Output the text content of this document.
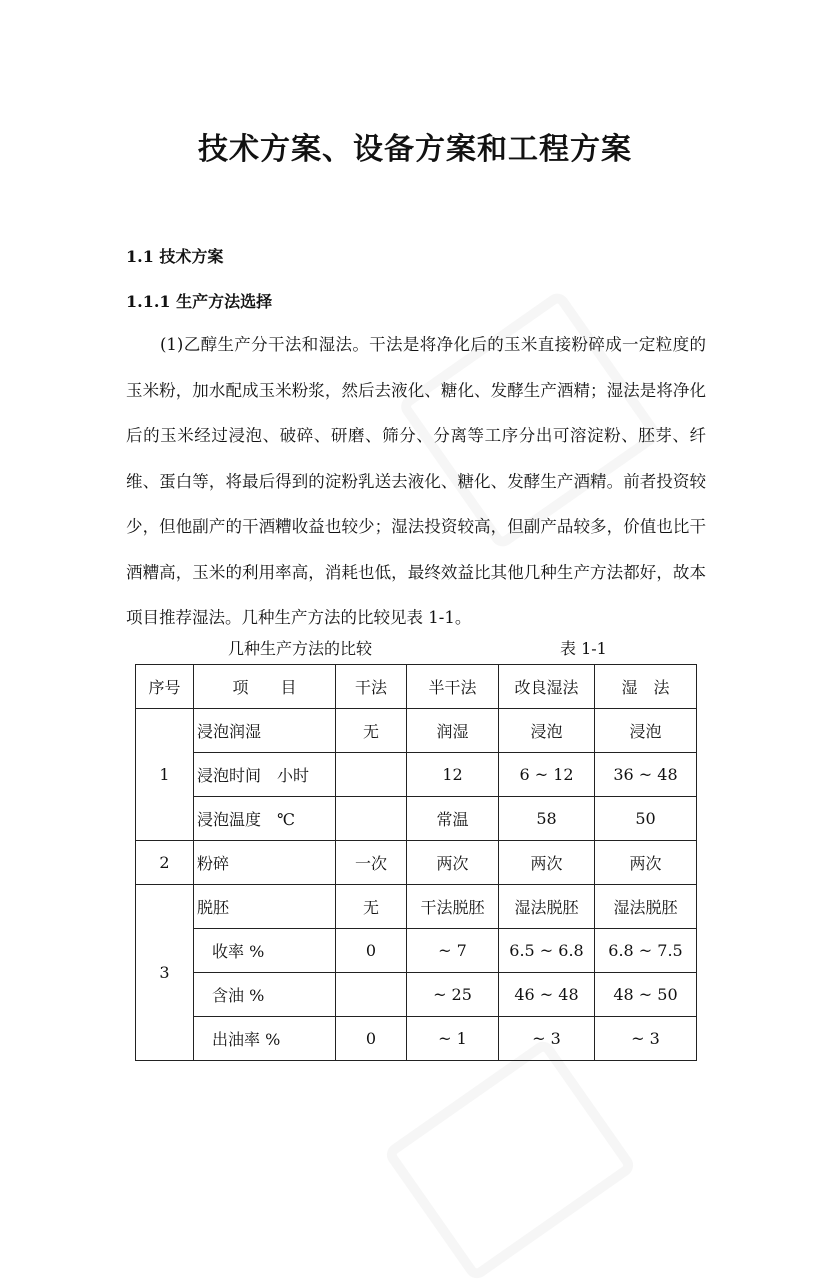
技术方案、设备方案和工程方案
1.1 技术方案
1.1.1 生产方法选择

(1)乙醇生产分干法和湿法。干法是将净化后的玉米直接粉碎成一定粒度的玉米粉，加水配成玉米粉浆，然后去液化、糖化、发酵生产酒精；湿法是将净化后的玉米经过浸泡、破碎、研磨、筛分、分离等工序分出可溶淀粉、胚芽、纤维、蛋白等，将最后得到的淀粉乳送去液化、糖化、发酵生产酒精。前者投资较少，但他副产的干酒糟收益也较少；湿法投资较高，但副产品较多，价值也比干酒糟高，玉米的利用率高，消耗也低，最终效益比其他几种生产方法都好，故本项目推荐湿法。几种生产方法的比较见表 1-1。

几种生产方法的比较	表 1-1
序号	项　　目	干法	半干法	改良湿法	湿　法
1	浸泡润湿	无	润湿	浸泡	浸泡
	浸泡时间　小时		12	6 ~ 12	36 ~ 48
	浸泡温度　℃		常温	58	50
2	粉碎	一次	两次	两次	两次
3	脱胚	无	干法脱胚	湿法脱胚	湿法脱胚
	收率 %	0	~ 7	6.5 ~ 6.8	6.8 ~ 7.5
	含油 %		~ 25	46 ~ 48	48 ~ 50
	出油率 %	0	~ 1	~ 3	~ 3
